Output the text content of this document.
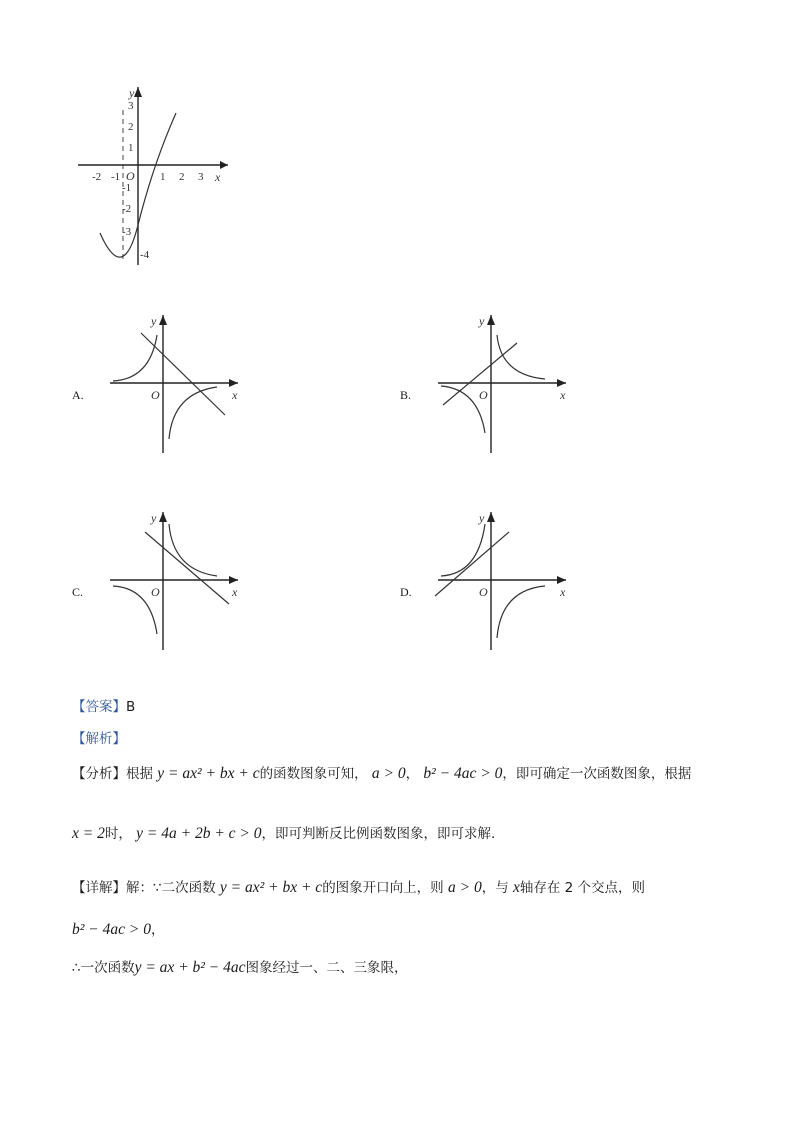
-2 -1 O 1 2 3 x
y
3
2
1
-1
-2
-3
-4
A.	O	x
y
B.	O	x
y
C.	O	x
y
D.	O	x
y
【答案】B
【解析】
【分析】根据 y = ax² + bx + c的函数图象可知， a > 0， b² − 4ac > 0，即可确定一次函数图象，根据
x = 2时， y = 4a + 2b + c > 0，即可判断反比例函数图象，即可求解.
【详解】解：∵二次函数 y = ax² + bx + c的图象开口向上，则 a > 0，与 x轴存在 2 个交点，则
b² − 4ac > 0，
∴一次函数y = ax + b² − 4ac图象经过一、二、三象限，
